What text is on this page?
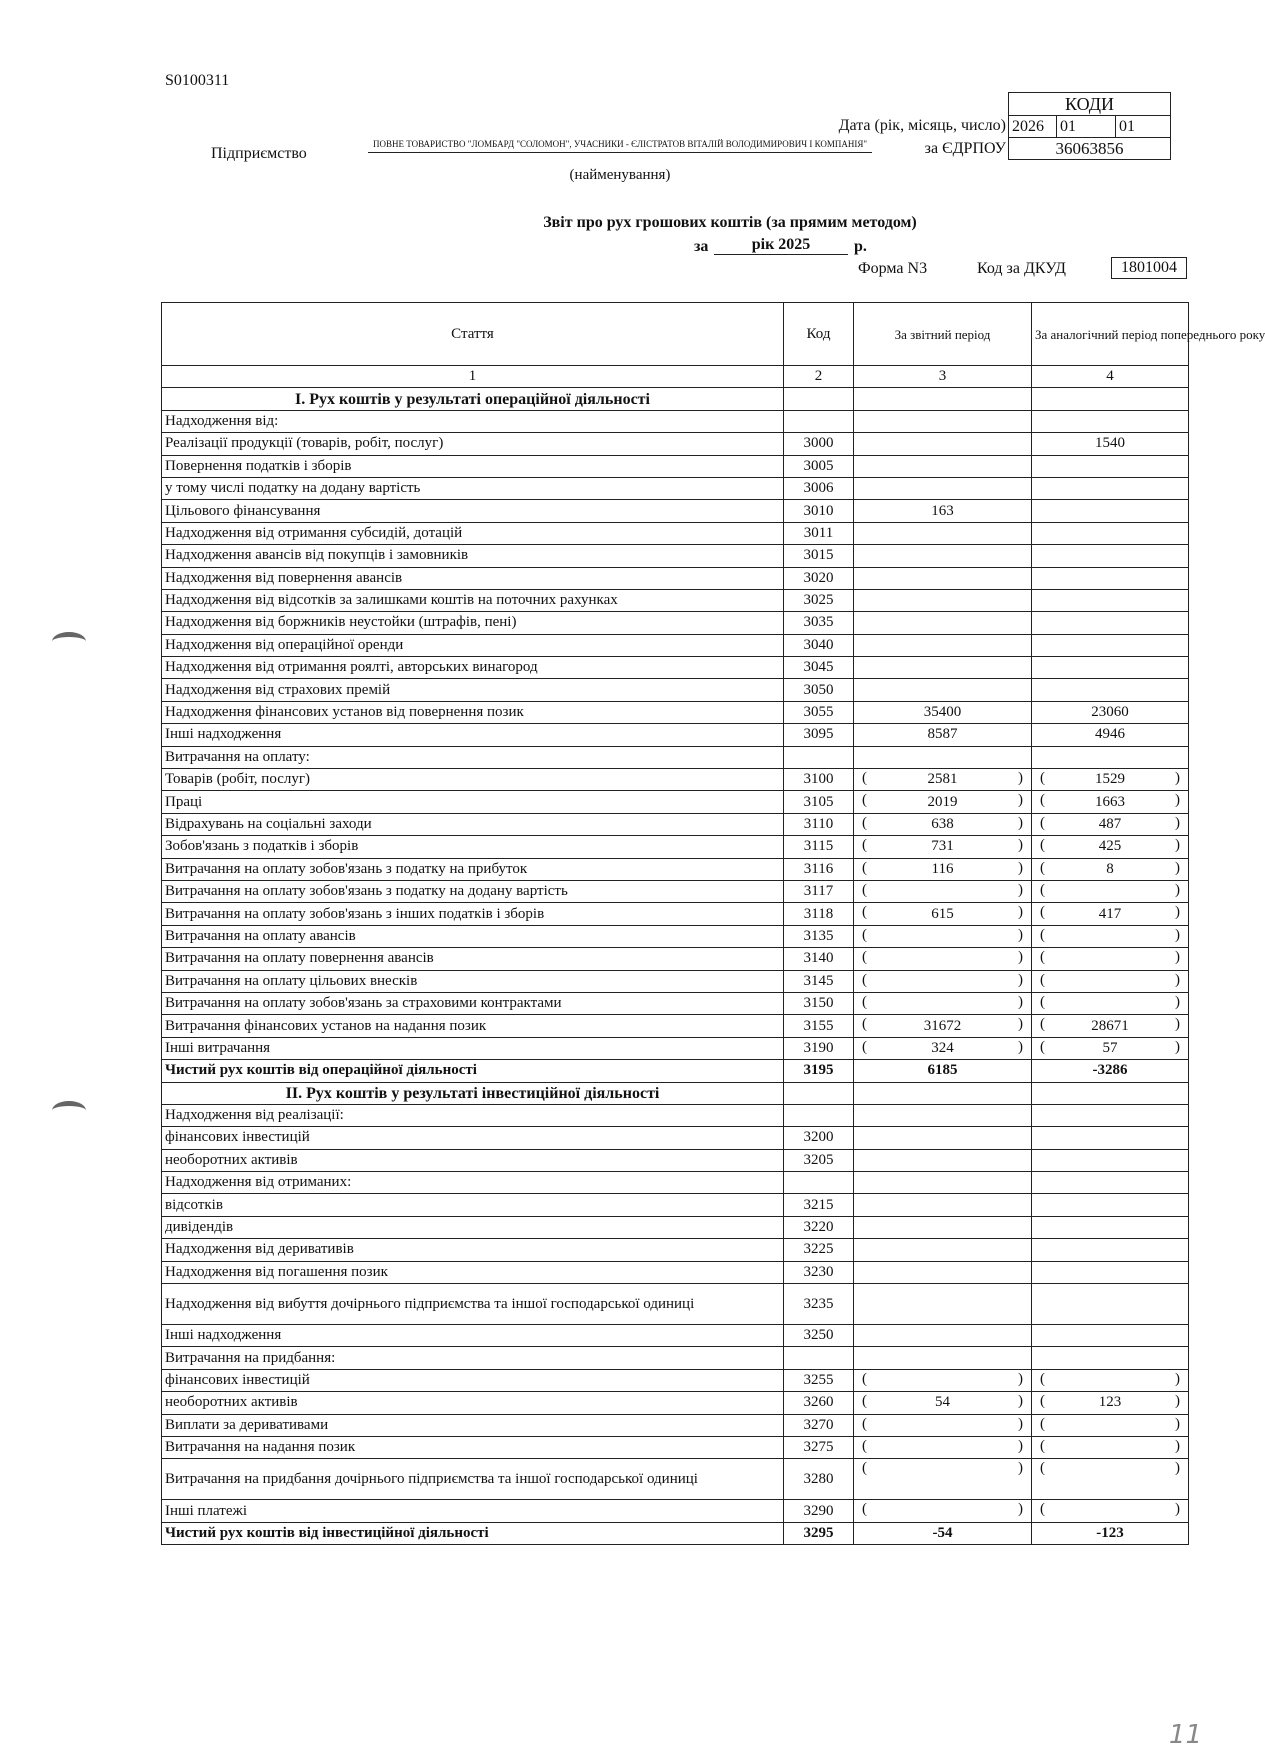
S0100311
КОДИ
2026	01	01
36063856
Дата (рік, місяць, число)
за ЄДРПОУ
Підприємство
ПОВНЕ ТОВАРИСТВО "ЛОМБАРД "СОЛОМОН", УЧАСНИКИ - ЄЛІСТРАТОВ ВІТАЛІЙ ВОЛОДИМИРОВИЧ І КОМПАНІЯ"
(найменування)
Звіт про рух грошових коштів (за прямим методом)
за	рік 2025	р.
Форма N3	Код за ДКУД	1801004
Стаття	Код	За звітний період	За аналогічний період попереднього року
1	2	3	4
I. Рух коштів у результаті операційної діяльності			
Надходження від:			
Реалізації продукції (товарів, робіт, послуг)	3000		1540
Повернення податків і зборів	3005		
у тому числі податку на додану вартість	3006		
Цільового фінансування	3010	163	
Надходження від отримання субсидій, дотацій	3011		
Надходження авансів від покупців і замовників	3015		
Надходження від повернення авансів	3020		
Надходження від відсотків за залишками коштів на поточних рахунках	3025		
Надходження від боржників неустойки (штрафів, пені)	3035		
Надходження від операційної оренди	3040		
Надходження від отримання роялті, авторських винагород	3045		
Надходження від страхових премій	3050		
Надходження фінансових установ від повернення позик	3055	35400	23060
Інші надходження	3095	8587	4946
Витрачання на оплату:			
Товарів (робіт, послуг)	3100	( 2581 )	( 1529 )

Праці	3105	( 2019 )	( 1663 )

Відрахувань на соціальні заходи	3110	( 638 )	( 487 )

Зобов'язань з податків і зборів	3115	( 731 )	( 425 )

Витрачання на оплату зобов'язань з податку на прибуток	3116	( 116 )	( 8 )

Витрачання на оплату зобов'язань з податку на додану вартість	3117	( )	( )

Витрачання на оплату зобов'язань з інших податків і зборів	3118	( 615 )	( 417 )

Витрачання на оплату авансів	3135	( )	( )

Витрачання на оплату повернення авансів	3140	( )	( )

Витрачання на оплату цільових внесків	3145	( )	( )

Витрачання на оплату зобов'язань за страховими контрактами	3150	( )	( )

Витрачання фінансових установ на надання позик	3155	( 31672 )	( 28671 )

Інші витрачання	3190	( 324 )	( 57 )

Чистий рух коштів від операційної діяльності	3195	6185	-3286
II. Рух коштів у результаті інвестиційної діяльності			
Надходження від реалізації:			
фінансових інвестицій	3200		
необоротних активів	3205		
Надходження від отриманих:			
відсотків	3215		
дивідендів	3220		
Надходження від деривативів	3225		
Надходження від погашення позик	3230		
Надходження від вибуття дочірнього підприємства та іншої господарської одиниці	3235		
Інші надходження	3250		
Витрачання на придбання:			
фінансових інвестицій	3255	( )	( )

необоротних активів	3260	( 54 )	( 123 )

Виплати за деривативами	3270	( )	( )

Витрачання на надання позик	3275	( )	( )

Витрачання на придбання дочірнього підприємства та іншої господарської одиниці	3280	( )	( )

Інші платежі	3290	( )	( )

Чистий рух коштів від інвестиційної діяльності	3295	-54	-123
11
